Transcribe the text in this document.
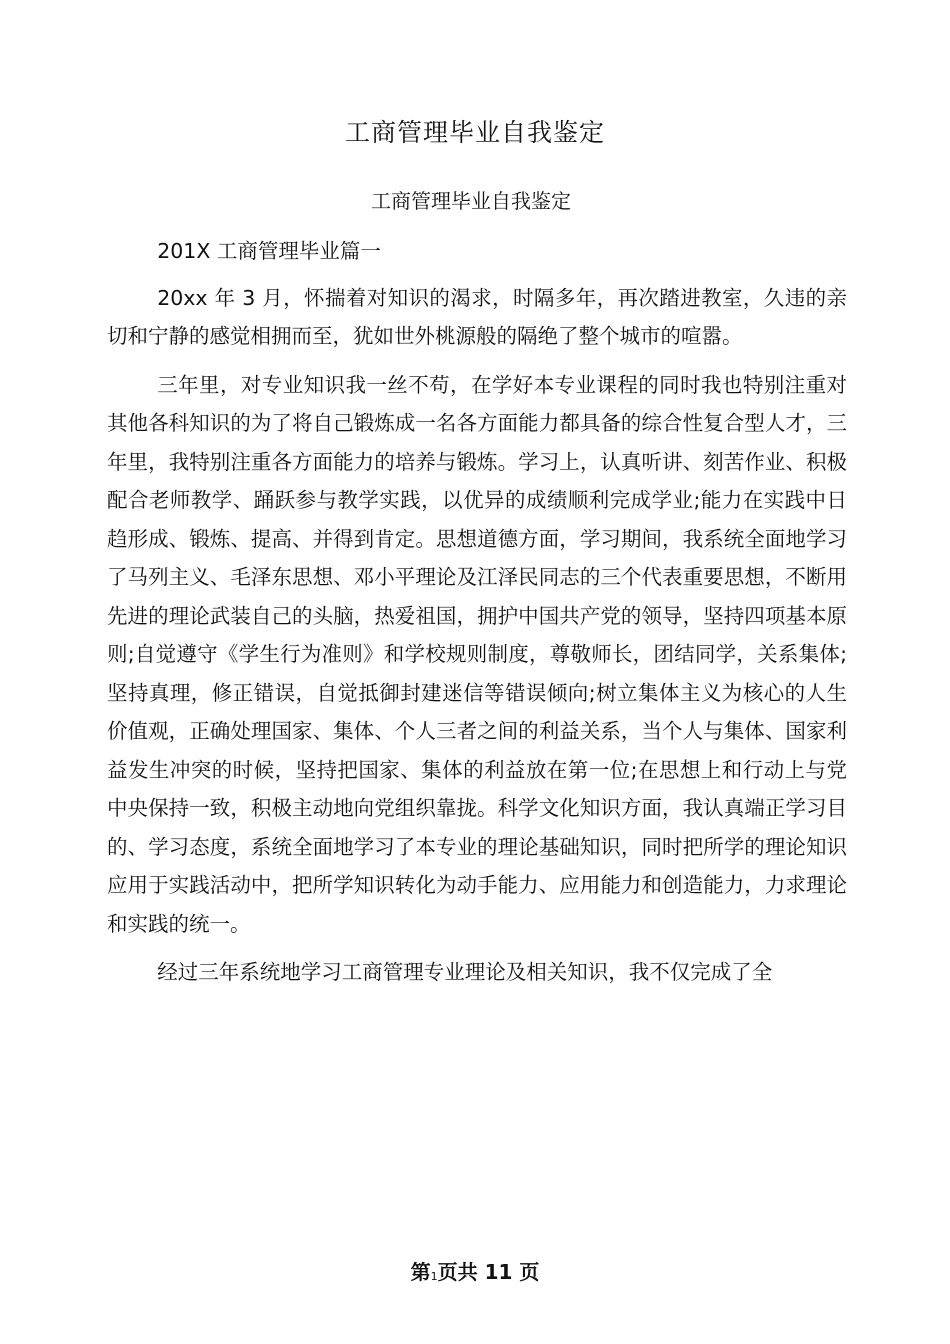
工商管理毕业自我鉴定
工商管理毕业自我鉴定

201X 工商管理毕业篇一

20xx 年 3 月，怀揣着对知识的渴求，时隔多年，再次踏进教室，久违的亲切和宁静的感觉相拥而至，犹如世外桃源般的隔绝了整个城市的喧嚣。

三年里，对专业知识我一丝不苟，在学好本专业课程的同时我也特别注重对其他各科知识的为了将自己锻炼成一名各方面能力都具备的综合性复合型人才，三年里，我特别注重各方面能力的培养与锻炼。学习上，认真听讲、刻苦作业、积极配合老师教学、踊跃参与教学实践，以优异的成绩顺利完成学业;能力在实践中日趋形成、锻炼、提高、并得到肯定。思想道德方面，学习期间，我系统全面地学习了马列主义、毛泽东思想、邓小平理论及江泽民同志的三个代表重要思想，不断用先进的理论武装自己的头脑，热爱祖国，拥护中国共产党的领导，坚持四项基本原则;自觉遵守《学生行为准则》和学校规则制度，尊敬师长，团结同学，关系集体;坚持真理，修正错误，自觉抵御封建迷信等错误倾向;树立集体主义为核心的人生价值观，正确处理国家、集体、个人三者之间的利益关系，当个人与集体、国家利益发生冲突的时候，坚持把国家、集体的利益放在第一位;在思想上和行动上与党中央保持一致，积极主动地向党组织靠拢。科学文化知识方面，我认真端正学习目的、学习态度，系统全面地学习了本专业的理论基础知识，同时把所学的理论知识应用于实践活动中，把所学知识转化为动手能力、应用能力和创造能力，力求理论和实践的统一。

经过三年系统地学习工商管理专业理论及相关知识，我不仅完成了全

第1页共 11 页
